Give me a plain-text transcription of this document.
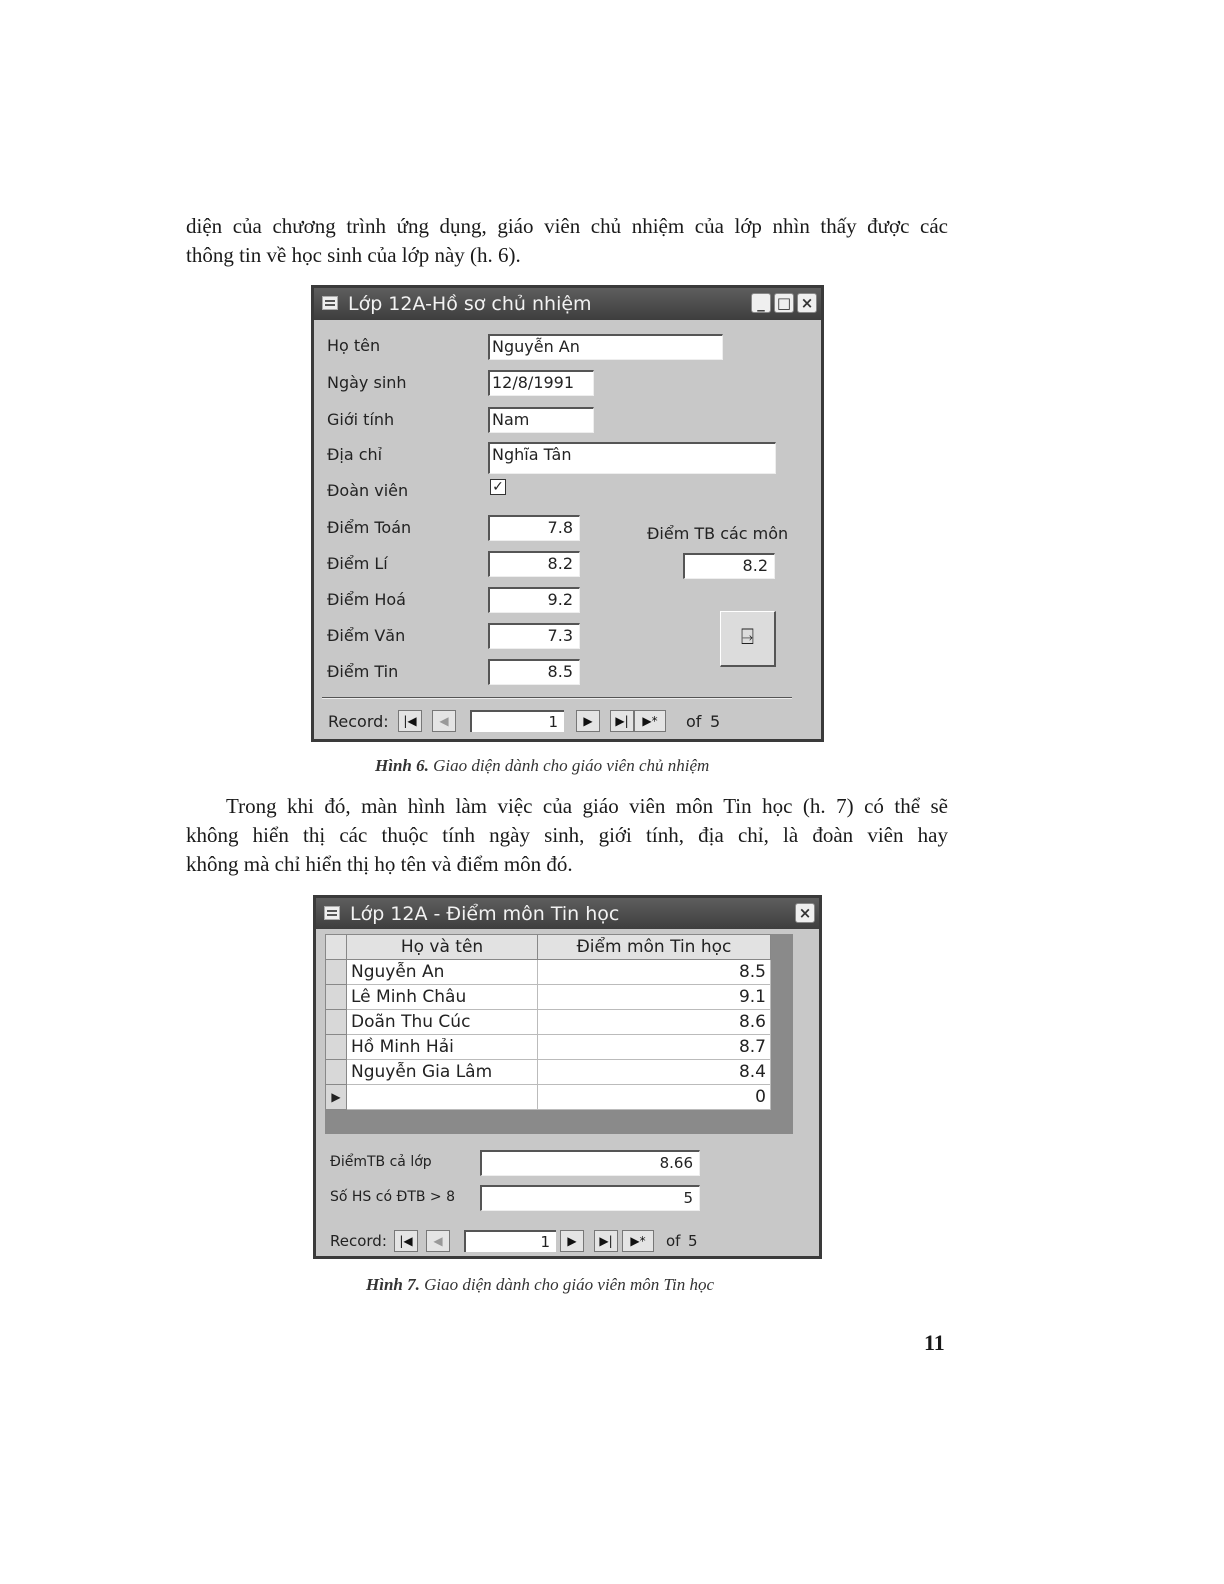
diện của chương trình ứng dụng, giáo viên chủ nhiệm của lớp nhìn thấy được các
thông tin về học sinh của lớp này (h. 6).
Lớp 12A-Hồ sơ chủ nhiệm	_ □ ×
Họ tên	Nguyễn An
Ngày sinh	12/8/1991
Giới tính	Nam
Địa chỉ	Nghĩa Tân
Đoàn viên	✓
Điểm Toán	7.8
Điểm Lí	8.2
Điểm Hoá	9.2
Điểm Văn	7.3
Điểm Tin	8.5
Điểm TB các môn
8.2
⍈
Record:	|◀	◀	1	▶	▶|	▶*	of 5
Hình 6. Giao diện dành cho giáo viên chủ nhiệm
Trong khi đó, màn hình làm việc của giáo viên môn Tin học (h. 7) có thể sẽ
không hiển thị các thuộc tính ngày sinh, giới tính, địa chỉ, là đoàn viên hay
không mà chỉ hiển thị họ tên và điểm môn đó.
Lớp 12A - Điểm môn Tin học	×
	Họ và tên	Điểm môn Tin học
	Nguyễn An	8.5
	Lê Minh Châu	9.1
	Doãn Thu Cúc	8.6
	Hồ Minh Hải	8.7
	Nguyễn Gia Lâm	8.4
▶		0
ĐiểmTB cả lớp	8.66
Số HS có ĐTB > 8	5
Record:	|◀	◀	1	▶	▶|	▶*	of 5
Hình 7. Giao diện dành cho giáo viên môn Tin học
11
